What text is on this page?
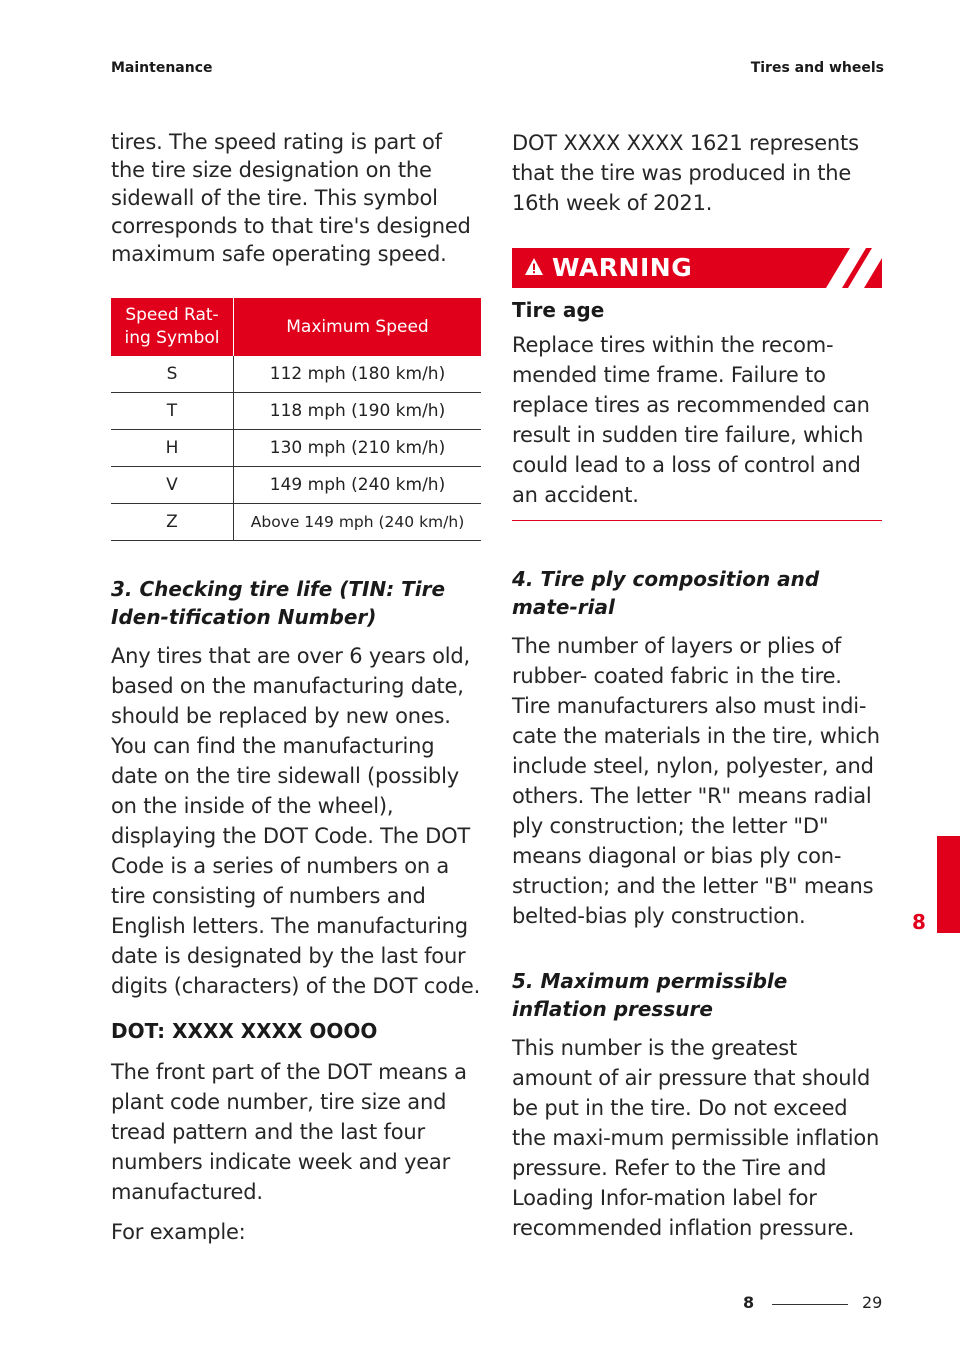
Maintenance	Tires and wheels

tires. The speed rating is part of the tire size designation on the sidewall of the tire. This symbol corresponds to that tire's designed maximum safe operating speed.

Speed Rat-
ing Symbol	Maximum Speed
S	112 mph (180 km/h)
T	118 mph (190 km/h)
H	130 mph (210 km/h)
V	149 mph (240 km/h)
Z	Above 149 mph (240 km/h)
3. Checking tire life (TIN: Tire Iden-tification Number)

Any tires that are over 6 years old, based on the manufacturing date, should be replaced by new ones. You can find the manufacturing date on the tire sidewall (possibly on the inside of the wheel), displaying the DOT Code. The DOT Code is a series of numbers on a tire consisting of numbers and English letters. The manufacturing date is designated by the last four digits (characters) of the DOT code.

DOT: XXXX XXXX OOOO

The front part of the DOT means a plant code number, tire size and tread pattern and the last four numbers indicate week and year manufactured.

For example:

DOT XXXX XXXX 1621 represents that the tire was produced in the 16th week of 2021.

WARNING
Tire age

Replace tires within the recom-mended time frame. Failure to replace tires as recommended can result in sudden tire failure, which could lead to a loss of control and an accident.

4. Tire ply composition and mate-rial

The number of layers or plies of rubber- coated fabric in the tire. Tire manufacturers also must indi-cate the materials in the tire, which include steel, nylon, polyester, and others. The letter "R" means radial ply construction; the letter "D" means diagonal or bias ply con-struction; and the letter "B" means belted-bias ply construction.

5. Maximum permissible inflation pressure

This number is the greatest amount of air pressure that should be put in the tire. Do not exceed the maxi-mum permissible inflation pressure. Refer to the Tire and Loading Infor-mation label for recommended inflation pressure.

8
8	29
